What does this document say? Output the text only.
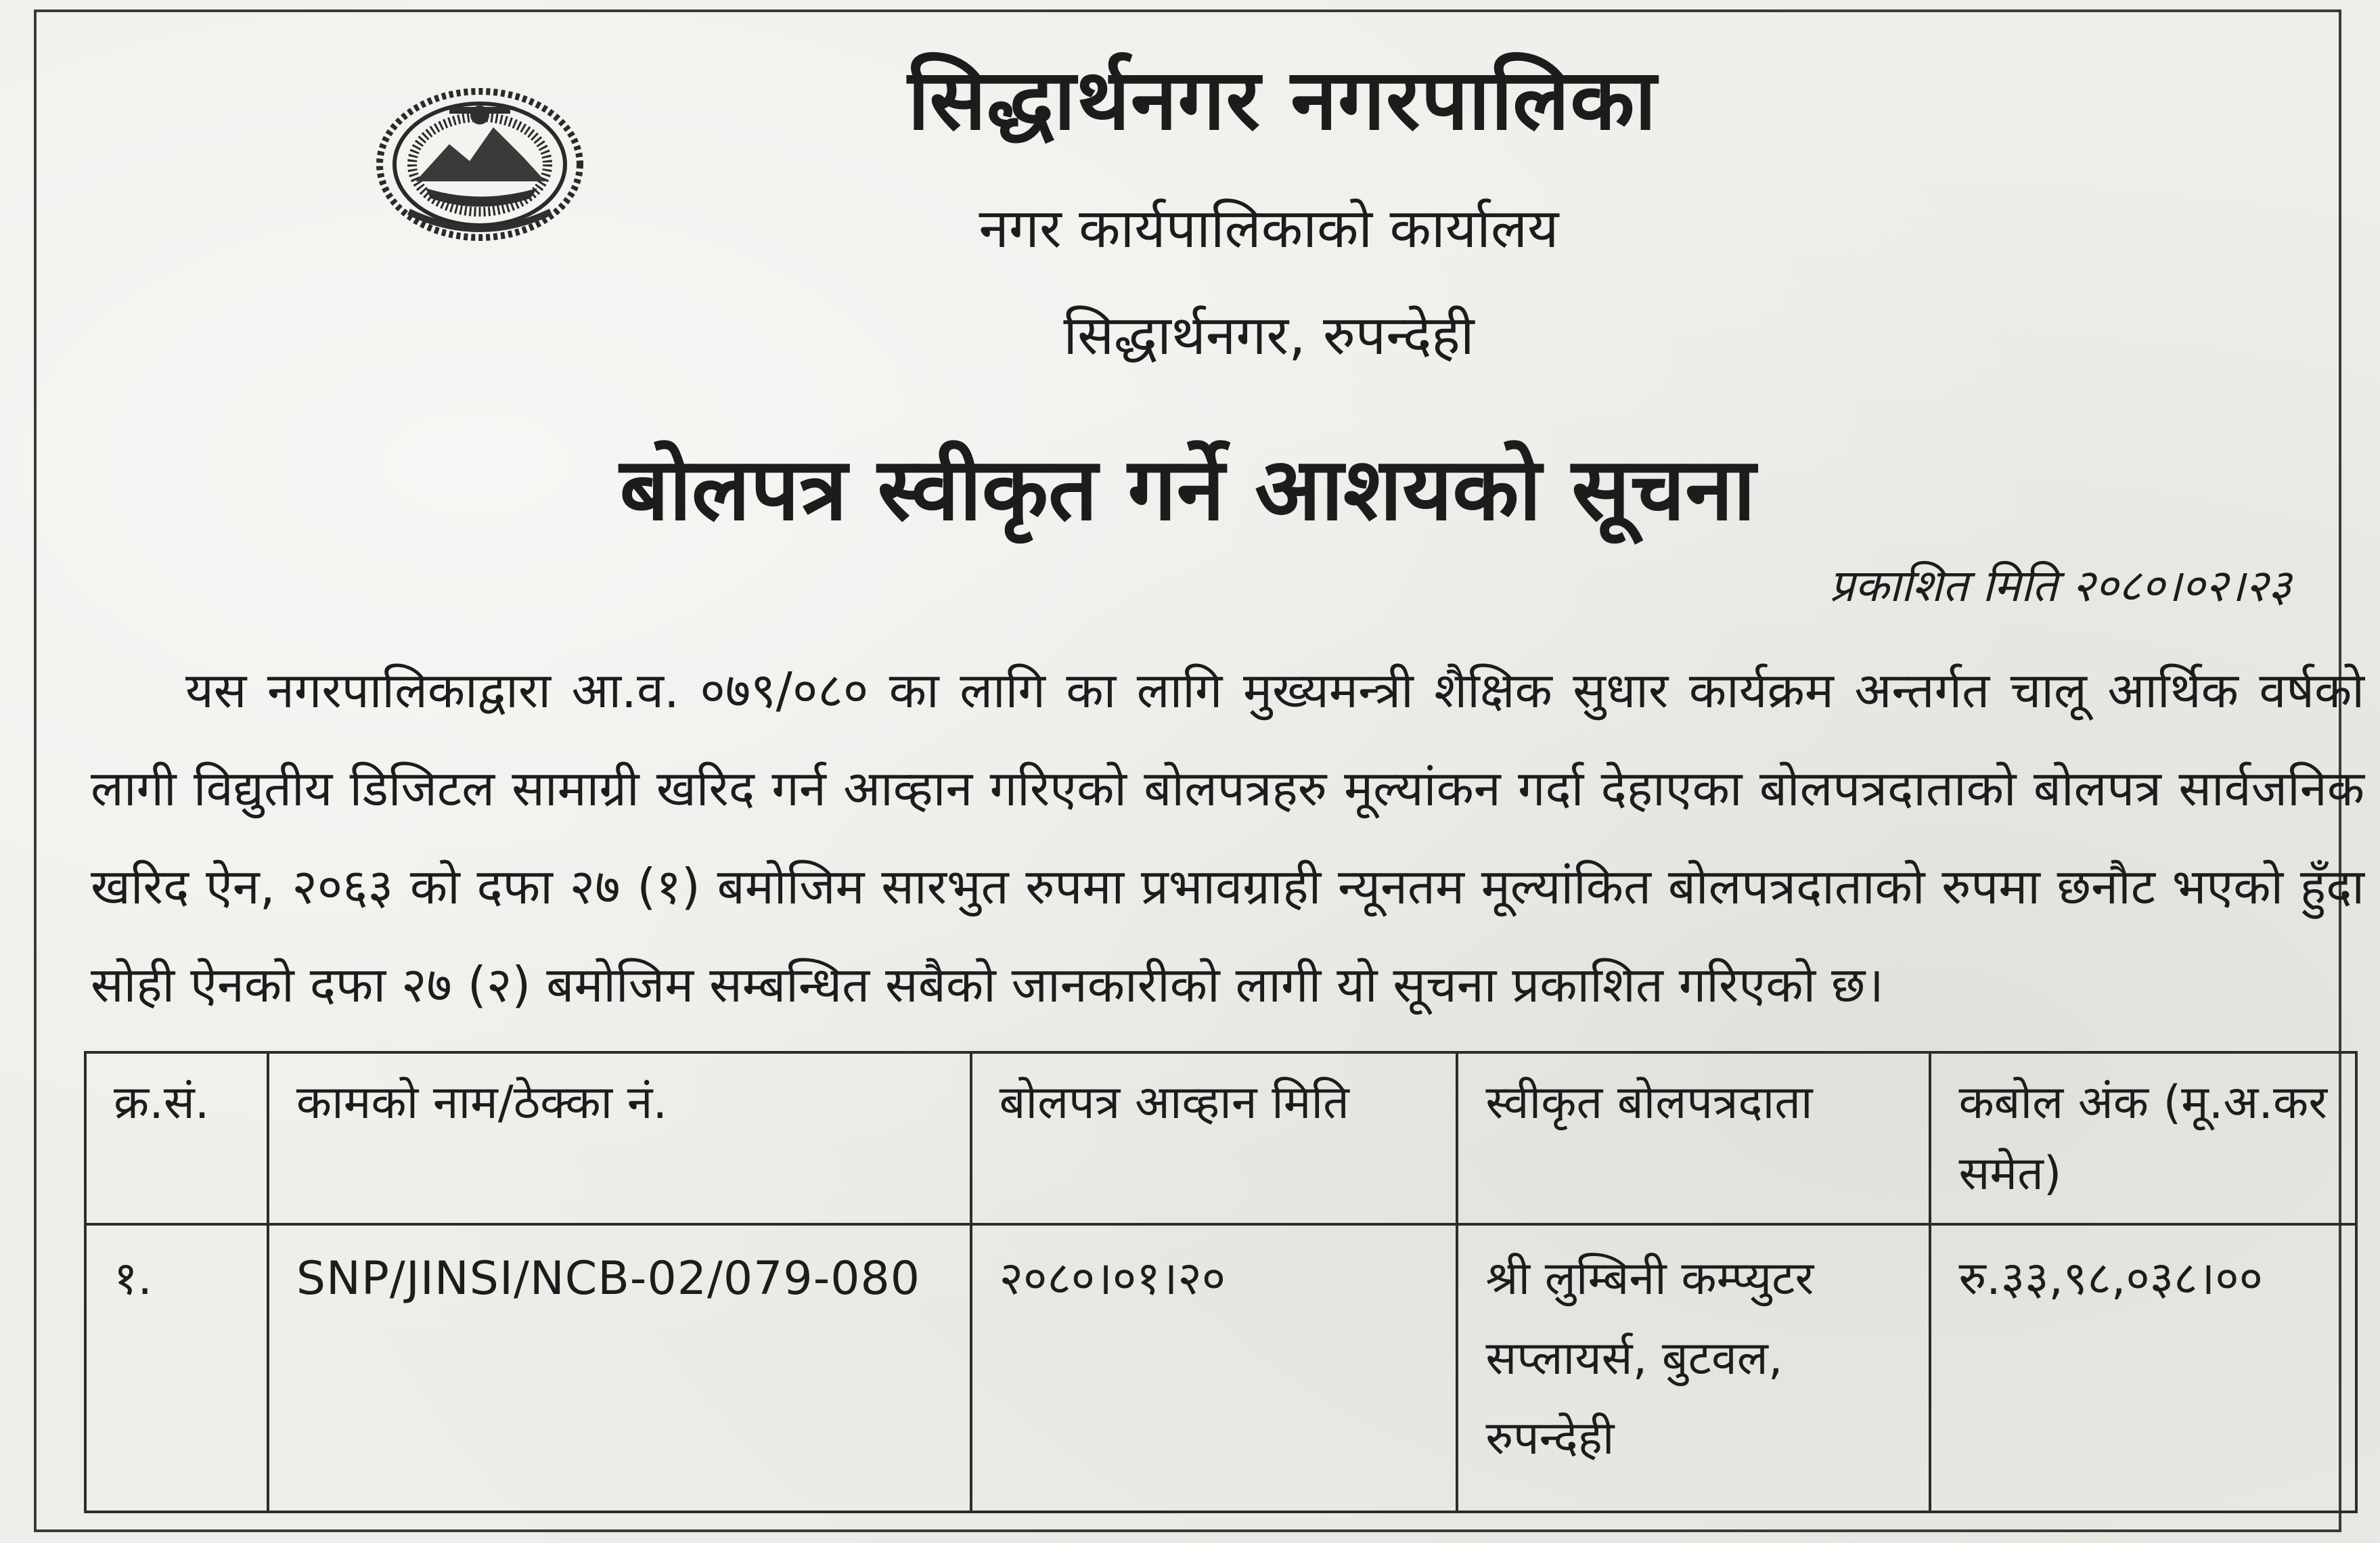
सिद्धार्थनगर नगरपालिका
नगर कार्यपालिकाको कार्यालय
सिद्धार्थनगर, रुपन्देही
बोलपत्र स्वीकृत गर्ने आशयको सूचना
प्रकाशित मिति २०८०।०२।२३
यस नगरपालिकाद्वारा आ.व. ०७९/०८० का लागि का लागि मुख्यमन्त्री शैक्षिक सुधार कार्यक्रम अन्तर्गत चालू आर्थिक वर्षको लागी विद्युतीय डिजिटल सामाग्री खरिद गर्न आव्हान गरिएको बोलपत्रहरु मूल्यांकन गर्दा देहाएका बोलपत्रदाताको बोलपत्र सार्वजनिक खरिद ऐन, २०६३ को दफा २७ (१) बमोजिम सारभुत रुपमा प्रभावग्राही न्यूनतम मूल्यांकित बोलपत्रदाताको रुपमा छनौट भएको हुँदा सोही ऐनको दफा २७ (२) बमोजिम सम्बन्धित सबैको जानकारीको लागी यो सूचना प्रकाशित गरिएको छ।
क्र.सं.	कामको नाम/ठेक्का नं.	बोलपत्र आव्हान मिति	स्वीकृत बोलपत्रदाता	कबोल अंक (मू.अ.कर समेत)
१.	SNP/JINSI/NCB-02/079-080	२०८०।०१।२०	श्री लुम्बिनी कम्प्युटर सप्लायर्स, बुटवल, रुपन्देही	रु.३३,९८,०३८।००
